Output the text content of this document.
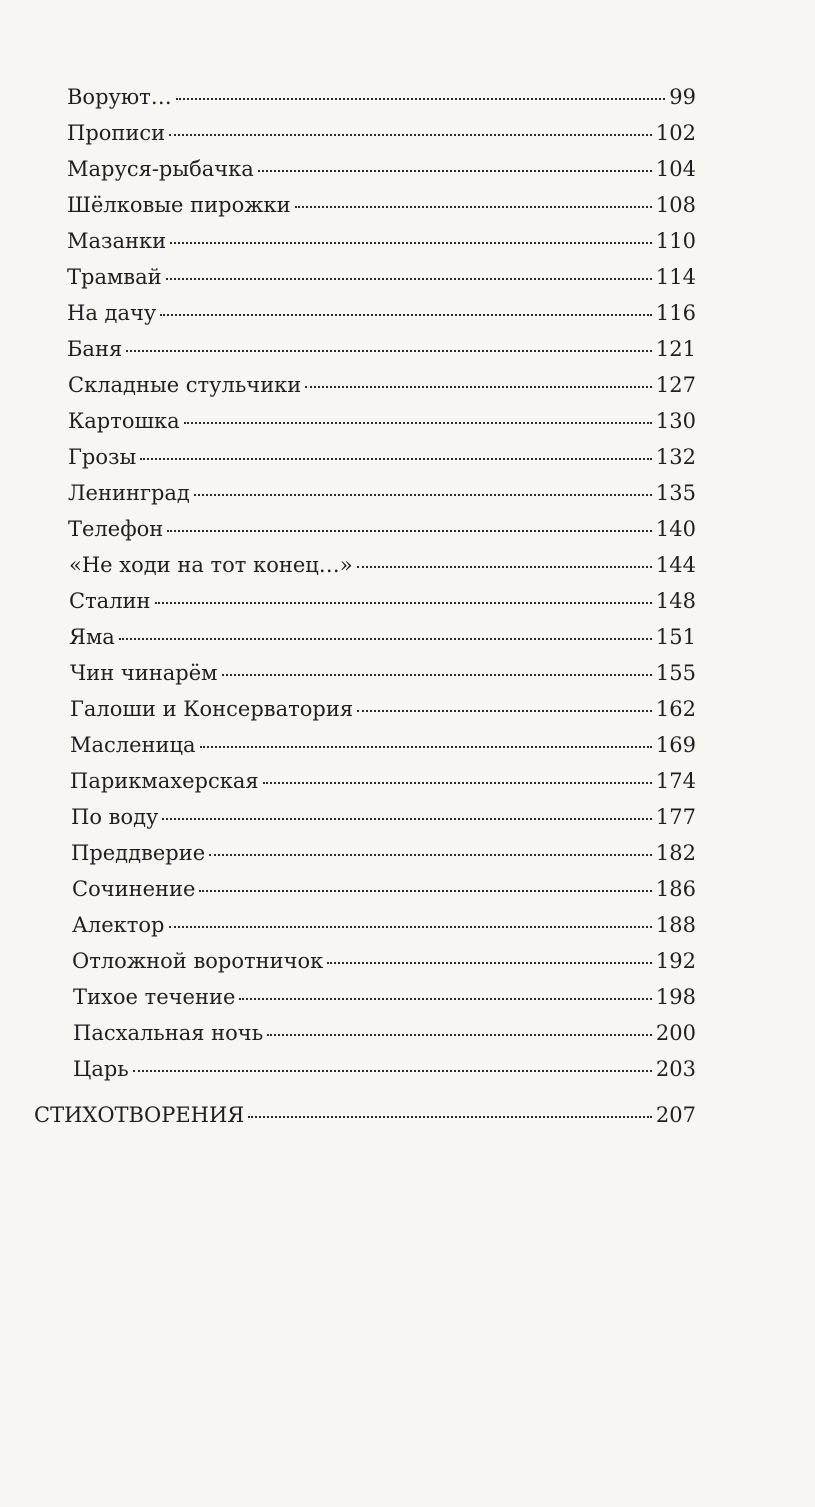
Воруют…	99
Прописи	102
Маруся-рыбачка	104
Шёлковые пирожки	108
Мазанки	110
Трамвай	114
На дачу	116
Баня	121
Складные стульчики	127
Картошка	130
Грозы	132
Ленинград	135
Телефон	140
«Не ходи на тот конец…»	144
Сталин	148
Яма	151
Чин чинарём	155
Галоши и Консерватория	162
Масленица	169
Парикмахерская	174
По воду	177
Преддверие	182
Сочинение	186
Алектор	188
Отложной воротничок	192
Тихое течение	198
Пасхальная ночь	200
Царь	203
СТИХОТВОРЕНИЯ	207
